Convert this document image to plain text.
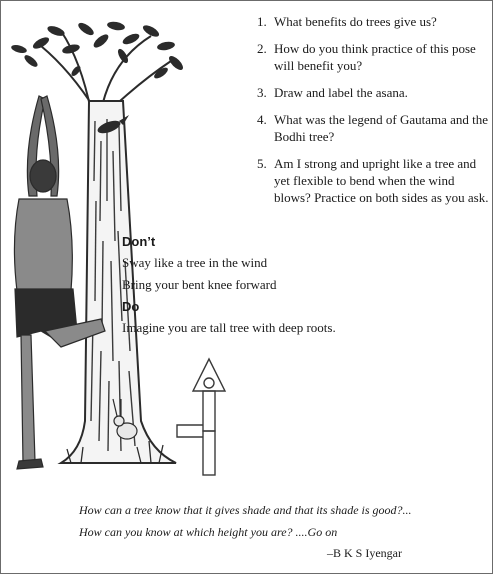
1. What benefits do trees give us?
2. How do you think practice of this pose will benefit you?
3. Draw and label the asana.
4. What was the legend of Gautama and the Bodhi tree?
5. Am I strong and upright like a tree and yet flexible to bend when the wind blows? Practice on both sides as you ask.

Don’t

Sway like a tree in the wind

Bring your bent knee forward

Do

Imagine you are tall tree with deep roots.

How can a tree know that it gives shade and that its shade is good?...

How can you know at which height you are? ....Go on

–B K S Iyengar
